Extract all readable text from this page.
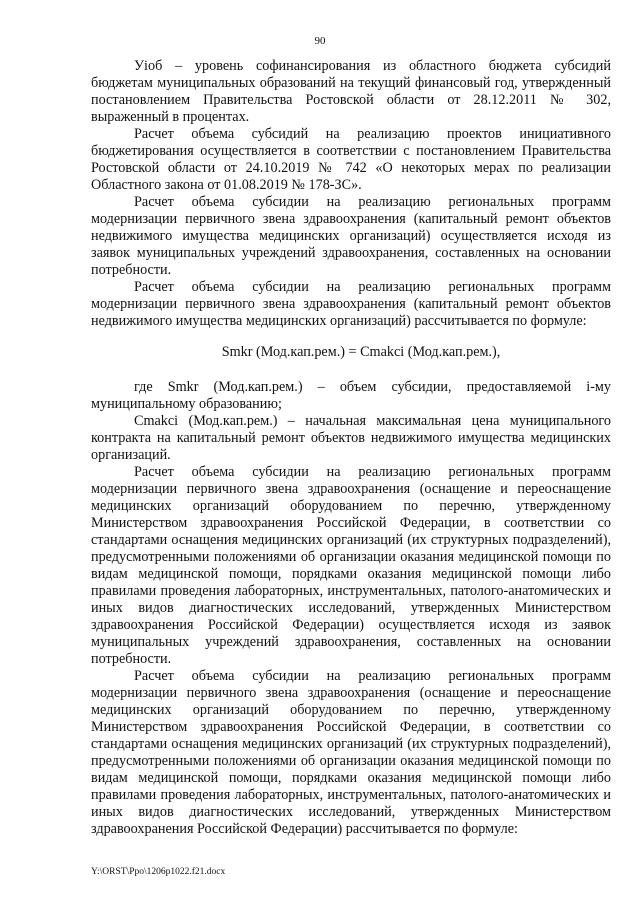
90

Уiоб – уровень софинансирования из областного бюджета субсидий бюджетам муниципальных образований на текущий финансовый год, утвержденный постановлением Правительства Ростовской области от 28.12.2011 № 302, выраженный в процентах.

Расчет объема субсидий на реализацию проектов инициативного бюджетирования осуществляется в соответствии с постановлением Правительства Ростовской области от 24.10.2019 № 742 «О некоторых мерах по реализации Областного закона от 01.08.2019 № 178-ЗС».

Расчет объема субсидии на реализацию региональных программ модернизации первичного звена здравоохранения (капитальный ремонт объектов недвижимого имущества медицинских организаций) осуществляется исходя из заявок муниципальных учреждений здравоохранения, составленных на основании потребности.

Расчет объема субсидии на реализацию региональных программ модернизации первичного звена здравоохранения (капитальный ремонт объектов недвижимого имущества медицинских организаций) рассчитывается по формуле:

Smkr (Мод.кап.рем.) = Cmakci (Мод.кап.рем.),

где Smkr (Мод.кап.рем.) – объем субсидии, предоставляемой i-му муниципальному образованию;

Cmakci (Мод.кап.рем.) – начальная максимальная цена муниципального контракта на капитальный ремонт объектов недвижимого имущества медицинских организаций.

Расчет объема субсидии на реализацию региональных программ модернизации первичного звена здравоохранения (оснащение и переоснащение медицинских организаций оборудованием по перечню, утвержденному Министерством здравоохранения Российской Федерации, в соответствии со стандартами оснащения медицинских организаций (их структурных подразделений), предусмотренными положениями об организации оказания медицинской помощи по видам медицинской помощи, порядками оказания медицинской помощи либо правилами проведения лабораторных, инструментальных, патолого-анатомических и иных видов диагностических исследований, утвержденных Министерством здравоохранения Российской Федерации) осуществляется исходя из заявок муниципальных учреждений здравоохранения, составленных на основании потребности.

Расчет объема субсидии на реализацию региональных программ модернизации первичного звена здравоохранения (оснащение и переоснащение медицинских организаций оборудованием по перечню, утвержденному Министерством здравоохранения Российской Федерации, в соответствии со стандартами оснащения медицинских организаций (их структурных подразделений), предусмотренными положениями об организации оказания медицинской помощи по видам медицинской помощи, порядками оказания медицинской помощи либо правилами проведения лабораторных, инструментальных, патолого-анатомических и иных видов диагностических исследований, утвержденных Министерством здравоохранения Российской Федерации) рассчитывается по формуле:

Y:\ORST\Ppo\1206p1022.f21.docx
